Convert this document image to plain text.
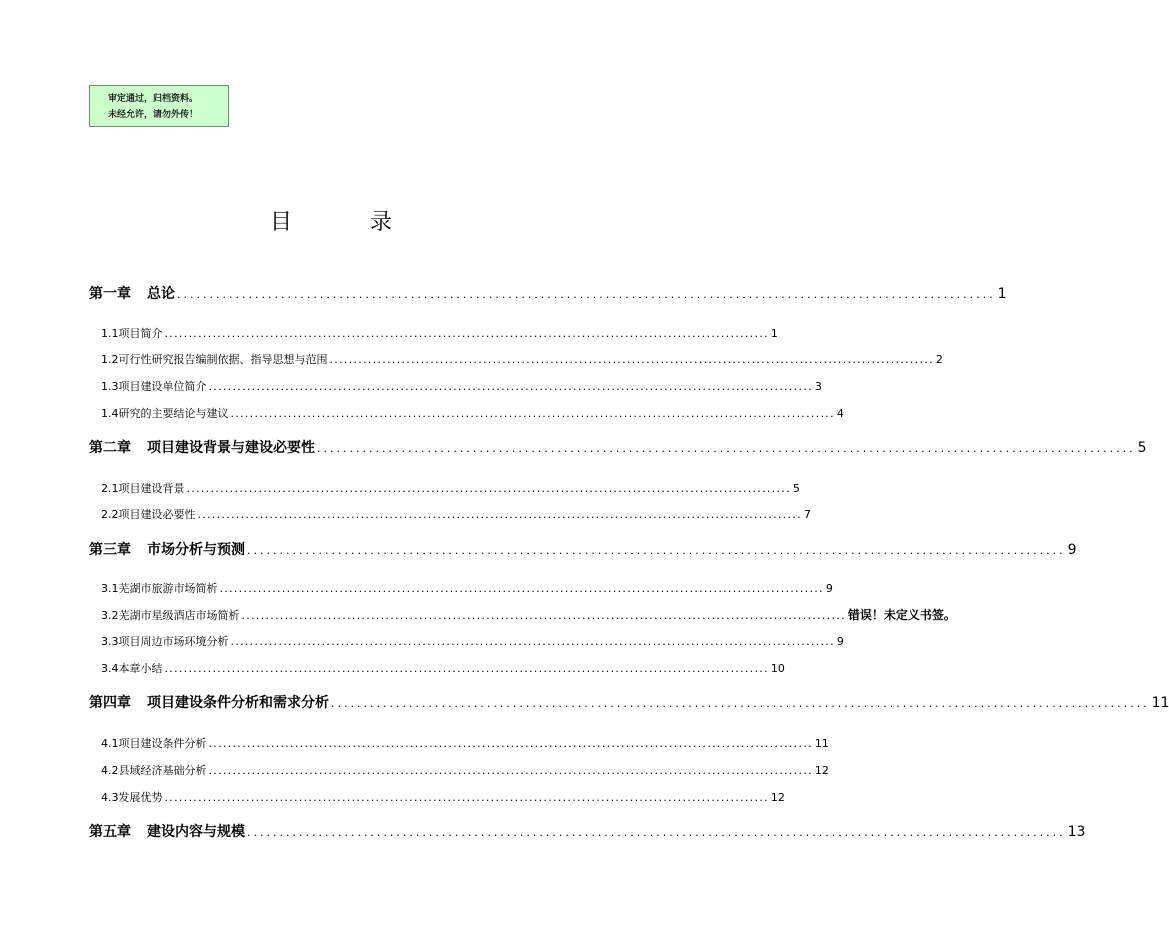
审定通过，归档资料。
未经允许，请勿外传！
目　录
第一章 总论 .............................................................................................................................. 1
1.1 项目简介 .............................................................................................................................. 1
1.2 可行性研究报告编制依据、指导思想与范围 .............................................................................................................................. 2
1.3 项目建设单位简介 .............................................................................................................................. 3
1.4 研究的主要结论与建议 .............................................................................................................................. 4
第二章 项目建设背景与建设必要性 .............................................................................................................................. 5
2.1 项目建设背景 .............................................................................................................................. 5
2.2 项目建设必要性 .............................................................................................................................. 7
第三章 市场分析与预测 .............................................................................................................................. 9
3.1 芜湖市旅游市场简析 .............................................................................................................................. 9
3.2 芜湖市星级酒店市场简析 .............................................................................................................................. 错误！未定义书签。
3.3 项目周边市场环境分析 .............................................................................................................................. 9
3.4 本章小结 .............................................................................................................................. 10
第四章 项目建设条件分析和需求分析 .............................................................................................................................. 11
4.1 项目建设条件分析 .............................................................................................................................. 11
4.2 县域经济基础分析 .............................................................................................................................. 12
4.3 发展优势 .............................................................................................................................. 12
第五章 建设内容与规模 .............................................................................................................................. 13
